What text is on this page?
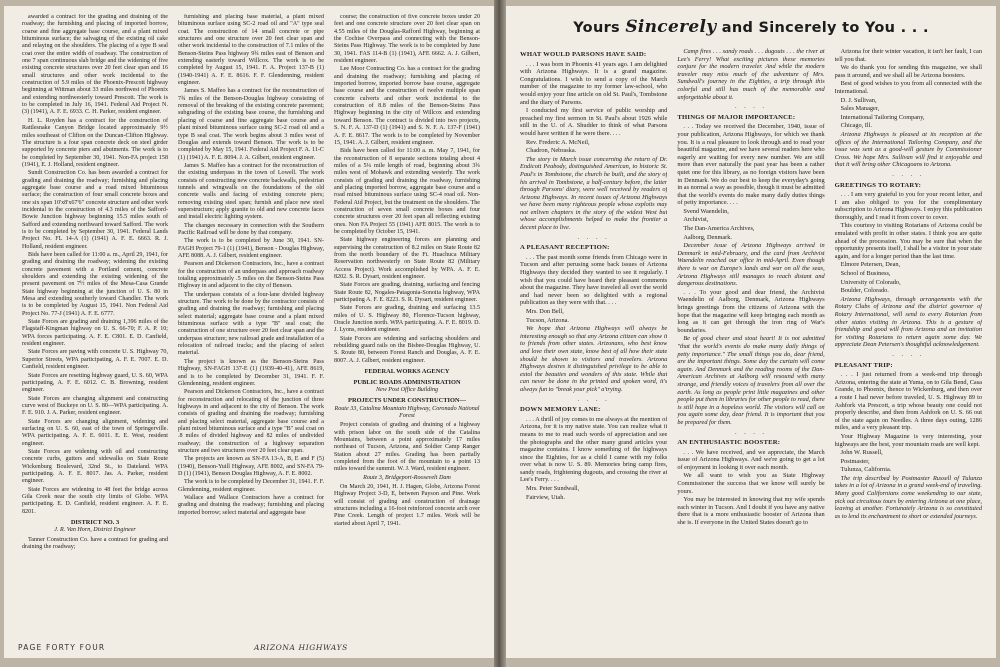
awarded a contract for the grading and draining of the roadway; the furnishing and placing of imported borrow, coarse and fine aggregate base course, and a plant mixed bituminous surface; the salvaging of the existing oil cake and relaying on the shoulders. The placing of a type B seal coat over the entire width of roadway. The construction of one 7 span continuous slab bridge and the widening of five existing concrete structures over 20 feet clear span and 16 small structures and other work incidental to the construction of 5.9 miles of the Phoenix-Prescott highway beginning at Wittman about 33 miles northwest of Phoenix and extending northwesterly toward Prescott. The work is to be completed in July 16, 1941. Federal Aid Project N. (3) (1941), A. F. E. 6933. C. H. Parker, resident engineer.

H. L. Royden has a contract for the construction of Rattlesnake Canyon Bridge located approximately 9½ miles southeast of Clifton on the Duncan-Clifton Highway. The structure is a four span concrete deck on steel girder supported by concrete piers and abutments. The work is to be completed by September 30, 1941. Non-FA project 158 (1941), E. J. Holland, resident engineer.

Sundt Construction Co. has been awarded a contract for grading and draining the roadway; furnishing and placing aggregate base course and a road mixed bituminous surface; the construction of four small concrete boxes and one six span 10'x8'x67'6" concrete structure and other work incidental to the construction of 4.3 miles of the Safford-Bowie Junction highway beginning 15.5 miles south of Safford and extending northward toward Safford. The work is to be completed by September 30, 1941. Federal Lands Project No. FL 14-A (1) (1941) A. F. E. 6663. R. J. Holland, resident engineer.

Bids have been called for 11:00 a. m., April 29, 1941, for grading and draining the roadway; widening the existing concrete pavement with a Portland cement, concrete shoulders and extending the existing widening of the present pavement on 7½ miles of the Mesa-Casa Grande State highway beginning at the junction of U. S. 80 in Mesa and extending southerly toward Chandler. The work is to be completed by August 15, 1941. Non Federal Aid Project No. 77-J (1941) A. F. E. 6777.

State Forces are grading and draining 1,396 miles of the Flagstaff-Kingman highway on U. S. 66-70; F. A. P. 10; WPA forces participating. A. F. E. C801. E. D. Canfield, resident engineer.

State Forces are paving with concrete U. S. Highway 70, Superior Streets, WPA participating, A. F. E. 7007. E. D. Canfield, resident engineer.

State Forces are resetting highway guard, U. S. 60, WPA participating, A. F. E. 6012. C. B. Browning, resident engineer.

State Forces are changing alignment and constructing curve west of Buckeye on U. S. 80—WPA participating. A. F. E. 910. J. A. Parker, resident engineer.

State Forces are changing alignment, widening and surfacing on U. S. 60, east of the town of Springerville. WPA participating. A. F. E. 6011. E. E. West, resident engineer.

State Forces are widening with oil and constructing concrete curbs, gutters and sidewalks on State Route Wickenburg Boulevard, 32nd St., to Dateland. WPA participating. A. F. E. 8017. Jas. A. Parker, resident engineer.

State Forces are widening to 48 feet the bridge across Gila Creek near the south city limits of Globe. WPA participating. E. D. Canfield, resident engineer. A. F. E. 8201.

DISTRICT NO. 3

J. R. Van Horn, District Engineer

Tanner Construction Co. have a contract for grading and draining the roadway;

furnishing and placing base material, a plant mixed bituminous surface using SC-2 road oil and "A" type seal coat. The construction of 14 small concrete or pipe structures and one structure over 20 feet clear span and other work incidental to the construction of 7.1 miles of the Benson-Steins Pass highway 9¾ miles east of Benson and extending easterly toward Willcox. The work is to be completed by August 15, 1941. F. A. Project 137-B (1) (1940-1941) A. F. E. 8616. F. F. Glendenning, resident engineer.

James S. Maffeo has a contract for the reconstruction of 7¾ miles of the Benson-Douglas highway consisting of removal of the breaking of the existing concrete pavement; subgrading of the existing base course, the furnishing and placing of coarse and fine aggregate base course and a plant mixed bituminous surface using SC-2 road oil and a type B seal coat. The work begins about 3 miles west of Douglas and extends toward Benson. The work is to be completed by May 15, 1941. Federal Aid Project F. A. 11-C (1) (1941) A. F. E. 8094. J. A. Gilbert, resident engineer.

James S. Maffeo has a contract for the reconstruction of the existing underpass in the town of Lowell. The work consists of constructing new concrete backwalls, pedestrian tunnels and wingwalls on the foundations of the old concrete walls and facing of existing concrete piers; removing existing steel span; furnish and place new steel superstructure; apply granite to old and new concrete faces and install electric lighting system.

The changes necessary in connection with the Southern Pacific Railroad will be done by that company.

The work is to be completed by June 30, 1941. SN-FAGH Project 79-1 (1) (1941), Benson - Douglas Highway, AFE 8088. A. J. Gilbert, resident engineer.

Pearson and Dickerson Contractors, Inc., have a contract for the construction of an underpass and approach roadway totaling approximately .5 miles on the Benson-Steins Pass Highway in and adjacent to the city of Benson.

The underpass consists of a four-lane divided highway structure. The work to be done by the contractor consists of grading and draining the roadway; furnishing and placing select material; aggregate base course and a plant mixed bituminous surface with a type "B" seal coat; the construction of one structure over 20 feet clear span and the underpass structure; new railroad grade and installation of a relocation of railroad tracks; and the placing of select material.

The project is known as the Benson-Steins Pass Highway, SN-FAGH 137-E (1) (1939-40-41), AFE 8619, and is to be completed by December 31, 1941. F. F. Glendenning, resident engineer.

Pearson and Dickerson Contractors, Inc., have a contract for reconstruction and relocating of the junction of three highways in and adjacent to the city of Benson. The work consists of grading and draining the roadway; furnishing and placing select material, aggregate base course and a plant mixed bituminous surface and a type "B" seal coat on .8 miles of divided highway and 82 miles of undivided roadway; the construction of a highway separation structure and two structures over 20 feet clear span.

The projects are known as SN-FA 13-A, B, E and F (5) (1940), Benson-Yuill Highway, AFE 8002, and SN-FA 79-D (1) (1941), Benson Douglas Highway, A. F. E. 8002.

The work is to be completed by December 31, 1941. F. F. Glendenning, resident engineer.

Wallace and Wallace Contractors have a contract for grading and draining the roadway; furnishing and placing imported borrow; select material and aggregate base

course; the construction of five concrete boxes under 20 feet and one concrete structure over 20 feet clear span on 4.55 miles of the Douglas-Rafford Highway, beginning at the Cochise Overpass and connecting with the Benson-Steins Pass Highway. The work is to be completed by June 30, 1941. FAS 114-B (1) (1941), AFE 6662. A. J. Gilbert, resident engineer.

Lee Moor Contracting Co. has a contract for the grading and draining the roadway; furnishing and placing of imported borrow, imported borrow base course, aggregate base course and the construction of twelve multiple span concrete culverts and other work incidental to the construction of 8.8 miles of the Benson-Steins Pass Highway beginning in the city of Willcox and extending toward Benson. The contract is divided into two projects, S. N. F. A. 137-D (1) (1941) and S. N. F. A. 137-F (1941) A. F. E. 8617. The work is to be completed by November 15, 1941. A. J. Gilbert, resident engineer.

Bids have been called for 11:00 a. m. May 7, 1941, for the reconstruction of 8 separate sections totaling about 4 miles of a 5¼ mile length of road, beginning about 3¾ miles west of Mohawk and extending westerly. The work consists of grading and draining the roadway, furnishing and placing imported borrow, aggregate base course and a road mixed bituminous surface using SC-4 road oil. Non-Federal Aid Project, but the treatment on the shoulders. The construction of seven small concrete boxes and four concrete structures over 20 feet span all reflecting existing ones. Non FA Project 55 (1941) AFE 8015. The work is to be completed by October 15, 1941.

State highway engineering forces are planning and supervising the construction of 8.2 miles on State Route 82 from the north boundary of the Ft. Huachuca Military Reservation northwesterly on State Route 82 (Military Access Project). Work accomplished by WPA. A. F. E. 8202. S. R. Dysart, resident engineer.

State Forces are grading, draining, surfacing and fencing State Route 82, Nogales-Patagonia-Sonoita highway, WPA participating A. F. E. 8223. S. R. Dysart, resident engineer.

State Forces are grading, draining and surfacing 13.5 miles of U. S. Highway 80, Florence-Tucson highway, Oracle Junction north. WPA participating. A. F. E. 8019. D. J. Lyons, resident engineer.

State Forces are widening and surfacing shoulders and rebuilding guard rails on the Bisbee-Douglas Highway, U. S. Route 80, between Forest Ranch and Douglas, A. F. E. 8007. A. J. Gilbert, resident engineer.

FEDERAL WORKS AGENCY

PUBLIC ROADS ADMINISTRATION

New Post Office Building

PROJECTS UNDER CONSTRUCTION—

Route 33, Catalina Mountain Highway, Coronado National Forest

Project consists of grading and draining of a highway with prison labor on the south side of the Catalina Mountains, between a point approximately 17 miles northeast of Tucson, Arizona, and Soldier Camp Ranger Station about 27 miles. Grading has been partially completed from the foot of the mountain to a point 13 miles toward the summit. W. J. Ward, resident engineer.

Route 3, Bridgeport-Roosevelt Dam

On March 20, 1941, H. J. Hagen, Globe, Arizona Forest Highway Project 3-D, E, between Payson and Pine. Work will consist of grading and construction of drainage structures including a 16-foot reinforced concrete arch over Pine Creek. Length of project 1.7 miles. Work will be started about April 7, 1941.

PAGE FORTY FOUR	ARIZONA HIGHWAYS
Yours Sincerely and Sincerely to You . . .

WHAT WOULD PARSONS HAVE SAID:

. . . I was born in Phoenix 41 years ago. I am delighted with Arizona Highways. It is a grand magazine. Congratulations. I wish to send a copy of the March number of the magazine to my former law-school, who would enjoy your fine article on old St. Paul's, Tombstone and the diary of Parsons.

I conducted my first service of public worship and preached my first sermon in St. Paul's about 1926 while still in the U. of A. Shudder to think of what Parsons would have written if he were there. . . .

Rev. Frederic A. McNeil,

Chadron, Nebraska.

The story in March issue concerning the return of Dr. Endicott Peabody, distinguished American, to historic St. Paul's in Tombstone, the church he built, and the story of his arrival in Tombstone, a half-century before, the latter through Parsons' diary, were well received by readers of Arizona Highways. In recent issues of Arizona Highways we have been many righteous people whose exploits may not enliven chapters in the story of the widest West but whose accomplishments helped to make the frontier a decent place to live.

. . . .

A PLEASANT RECEPTION:

. . . The past month some friends from Chicago were in Tucson and after perusing some back issues of Arizona Highways they decided they wanted to see it regularly. I wish that you could have heard their pleasant comments about the magazine. They have traveled all over the world and had never been so delighted with a regional publication as they were with that. . . .

Mrs. Don Bell,

Tucson, Arizona.

We hope that Arizona Highways will always be interesting enough so that any Arizona citizen can show it to friends from other states. Arizonans, who best know and love their own state, know best of all how their state should be shown to visitors and travelers. Arizona Highways desires it distinguished privilege to be able to extol the beauties and wonders of this state. While that can never be done in the printed and spoken word, it's always fun to "break your pick" a'trying.

. . . .

DOWN MEMORY LANE:

. . . A thrill of joy comes to me always at the mention of Arizona, for it is my native state. You can realize what it means to me to read such words of appreciation and see the photographs and the other many grand articles your magazine contains. I know something of the highways since the Eighties, for as a child I came with my folks over what is now U. S. 89. Memories bring camp fires, sandy roads, frightening dugouts, and crossing the river at Lee's Ferry. . . .

Mrs. Peter Sundwall,

Fairview, Utah.

Camp fires . . . sandy roads . . . dugouts . . . the river at Lee's Ferry! What exciting pictures these memories conjure for the modern traveler. And while the modern traveler may miss much of the adventure of Mrs. Sundwall's journey in the Eighties, a trip through this colorful and still has much of the memorable and unforgettable about it.

. . . .

THINGS OF MAJOR IMPORTANCE:

. . . Today we received the December, 1940, issue of your publication, Arizona Highways, for which we thank you. It is a real pleasure to look through and to read your beautiful magazine, and we have several readers here who eagerly are waiting for every new number. We are still more than ever naturally the past year has been a rather quiet one for this library, as no foreign visitors have been in Denmark. We do our best to keep the everyday's going in as normal a way as possible, though it must be admitted that the world's events do make many daily duties things of petty importance. . . .

Svend Waendelin,

Archivist,

The Dan-America Archives,

Aalborg, Denmark.

December issue of Arizona Highways arrived in Denmark in mid-February, and the card from Archivist Waendelin reached our office in mid-April. Even though there is war on Europe's lands and war on all the seas, Arizona Highways still manages to reach distant and dangerous destinations.

. . . To your good and dear friend, the Archivist Waendelin of Aalborg, Denmark, Arizona Highways brings greetings from the citizens of Arizona with the hope that the magazine will keep bringing each month as long as it can get through the iron ring of War's boundaries.

Be of good cheer and stout heart! It is not admitted "that the world's events do make many daily things of petty importance." The small things you do, dear friend, are the important things. Some day the curtain will come again. And Denmark and the reading rooms of the Dan-American Archives at Aalborg will resound with many strange, and friendly voices of travelers from all over the earth. As long as people print little magazines and other people put them in libraries for other people to read, there is still hope in a hopeless world. The visitors will call on you again some day, dear friend. It is important that you be prepared for them.

. . . .

AN ENTHUSIASTIC BOOSTER:

. . . We have received, and we appreciate, the March issue of Arizona Highways. And we're going to get a lot of enjoyment in looking it over each month.

We all want to wish you as State Highway Commissioner the success that we know will surely be yours.

You may be interested in knowing that my wife spends each winter in Tucson. And I doubt if you have any native there that is a more enthusiastic booster of Arizona than she is. If everyone in the United States doesn't go to

Arizona for their winter vacation, it isn't her fault, I can tell you that.

We do thank you for sending this magazine, we shall pass it around, and we shall all be Arizona boosters.

Best of good wishes to you from all connected with the International.

D. J. Sullivan,

Sales Manager,

International Tailoring Company,

Chicago, Ill.

Arizona Highways is pleased at its reception at the offices of the International Tailoring Company, and the issue was sent as a good-will gesture by Commissioner Cross. We hope Mrs. Sullivan will find it enjoyable and that it will bring other Chicagoans to Arizona.

. . . .

GREETINGS TO ROTARY:

. . . I am very grateful to you for your recent letter, and I am also obliged to you for the complimentary subscription to Arizona Highways. I enjoy this publication thoroughly, and I read it from cover to cover.

This courtesy to visiting Rotarians of Arizona could be emulated with profit in other states. I think you are quite ahead of the procession. You may be sure that when the opportunity presents itself, I shall be a visitor in your state again, and for a longer period than the last time.

Elmore Petersen, Dean,

School of Business,

University of Colorado,

Boulder, Colorado.

Arizona Highways, through arrangements with the Rotary Clubs of Arizona and the district governor of Rotary International, will send to every Rotarian from other states visiting in Arizona. This is a gesture of friendship and good will from Arizona and an invitation for visiting Rotarians to return again some day. We appreciate Dean Petersen's thoughtful acknowledgement.

. . . .

PLEASANT TRIP:

. . . I just returned from a week-end trip through Arizona, entering the state at Yuma, on to Gila Bend, Casa Grande, to Phoenix, thence to Wickenburg, and then over a route I had never before traveled, U. S. Highway 89 to Ashfork via Prescott, a trip whose beauty one could not properly describe, and then from Ashfork on U. S. 66 out of the state again on Needles. A three days outing, 1286 miles, and a very pleasant trip.

Your Highway Magazine is very interesting, your highways are the best, your mountain roads are well kept.

John W. Russell,

Postmaster,

Tulunza, California.

The trip described by Postmaster Russell of Tulunza takes in a lot of Arizona in a grand week-end of traveling. Many good Californians come weekending to our state, pick out circuitous tours by entering Arizona at one place, leaving at another. Fortunately Arizona is so constituted as to lend its enchantment to short or extended journeys.
